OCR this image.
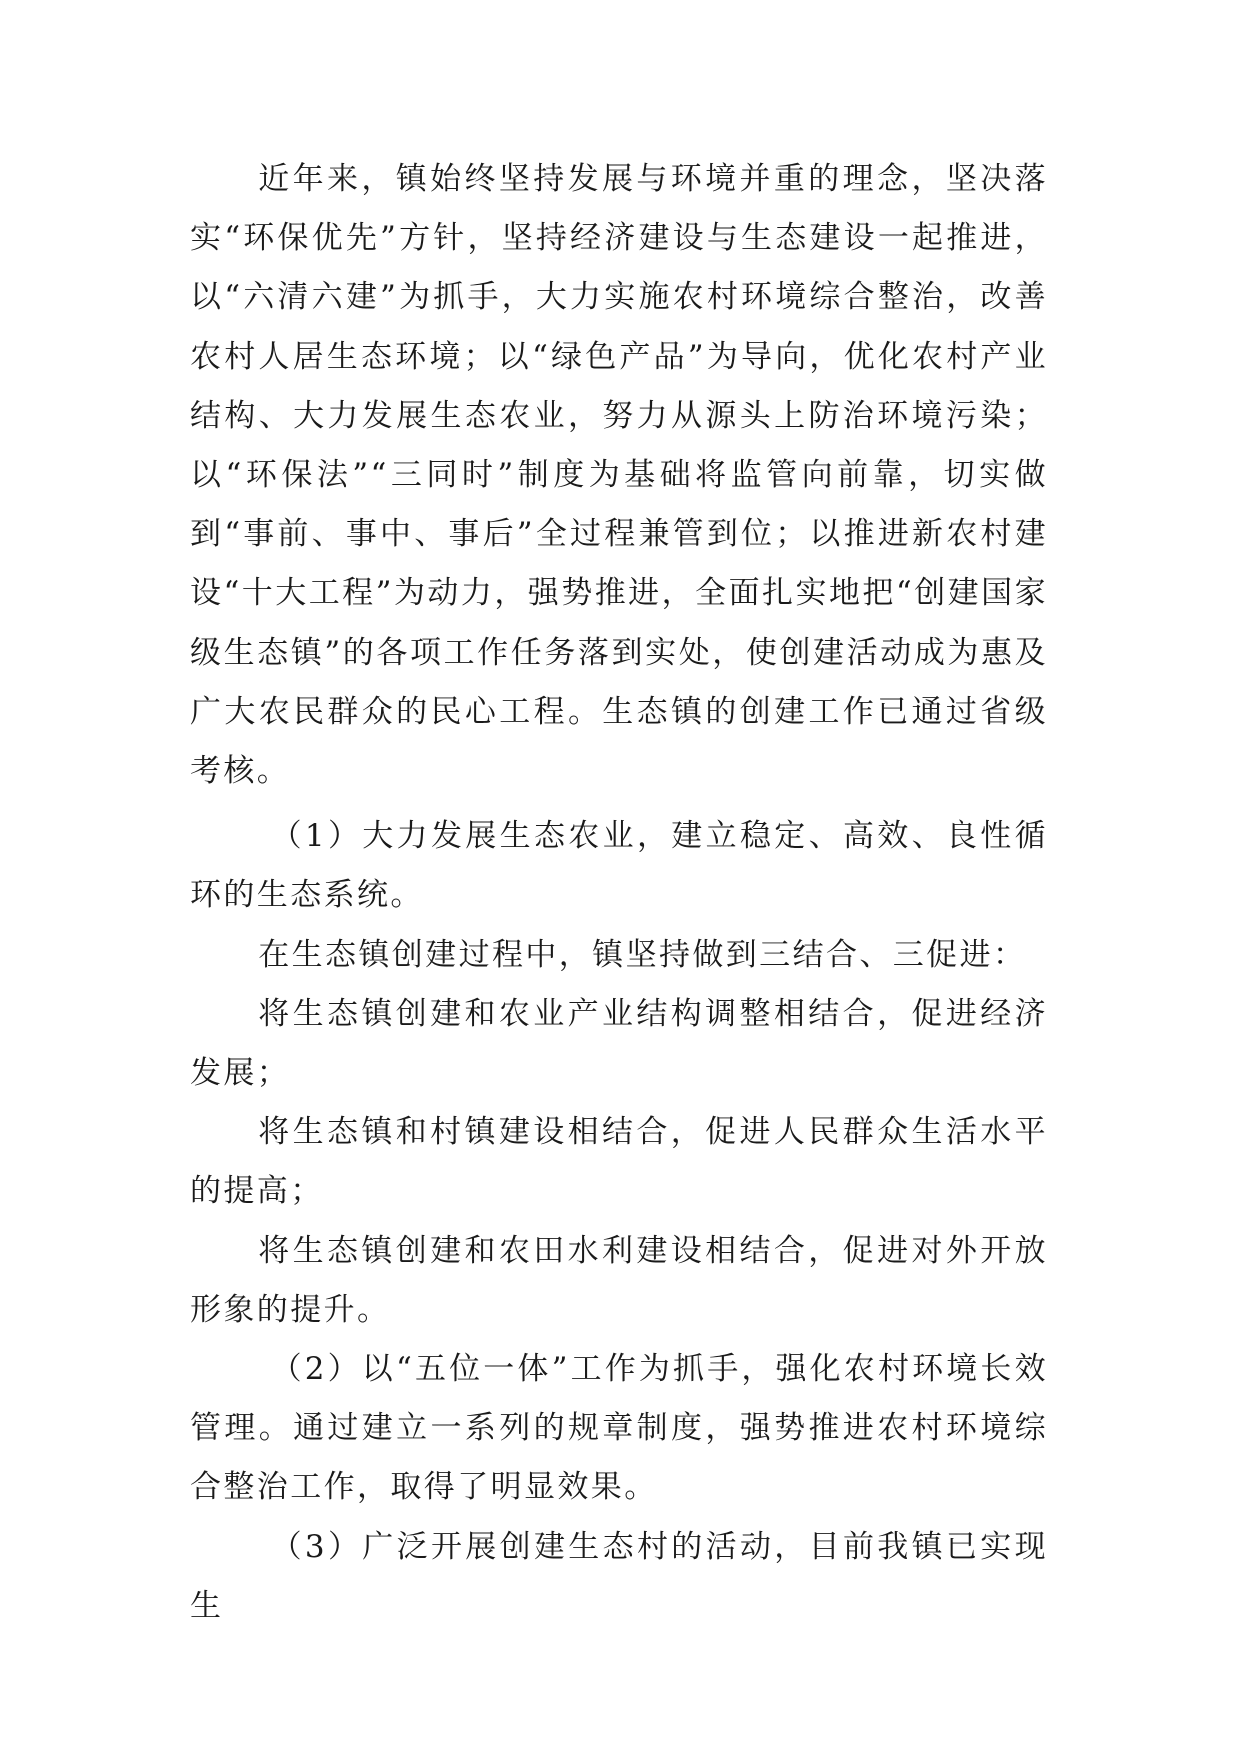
近年来，镇始终坚持发展与环境并重的理念，坚决落实“环保优先”方针，坚持经济建设与生态建设一起推进，以“六清六建”为抓手，大力实施农村环境综合整治，改善农村人居生态环境；以“绿色产品”为导向，优化农村产业结构、大力发展生态农业，努力从源头上防治环境污染；以“环保法”“三同时”制度为基础将监管向前靠，切实做到“事前、事中、事后”全过程兼管到位；以推进新农村建设“十大工程”为动力，强势推进，全面扎实地把“创建国家级生态镇”的各项工作任务落到实处，使创建活动成为惠及广大农民群众的民心工程。生态镇的创建工作已通过省级考核。

（1）大力发展生态农业，建立稳定、高效、良性循环的生态系统。

在生态镇创建过程中，镇坚持做到三结合、三促进：

将生态镇创建和农业产业结构调整相结合，促进经济发展；

将生态镇和村镇建设相结合，促进人民群众生活水平的提高；

将生态镇创建和农田水利建设相结合，促进对外开放形象的提升。

（2）以“五位一体”工作为抓手，强化农村环境长效管理。通过建立一系列的规章制度，强势推进农村环境综合整治工作，取得了明显效果。

（3）广泛开展创建生态村的活动，目前我镇已实现生
